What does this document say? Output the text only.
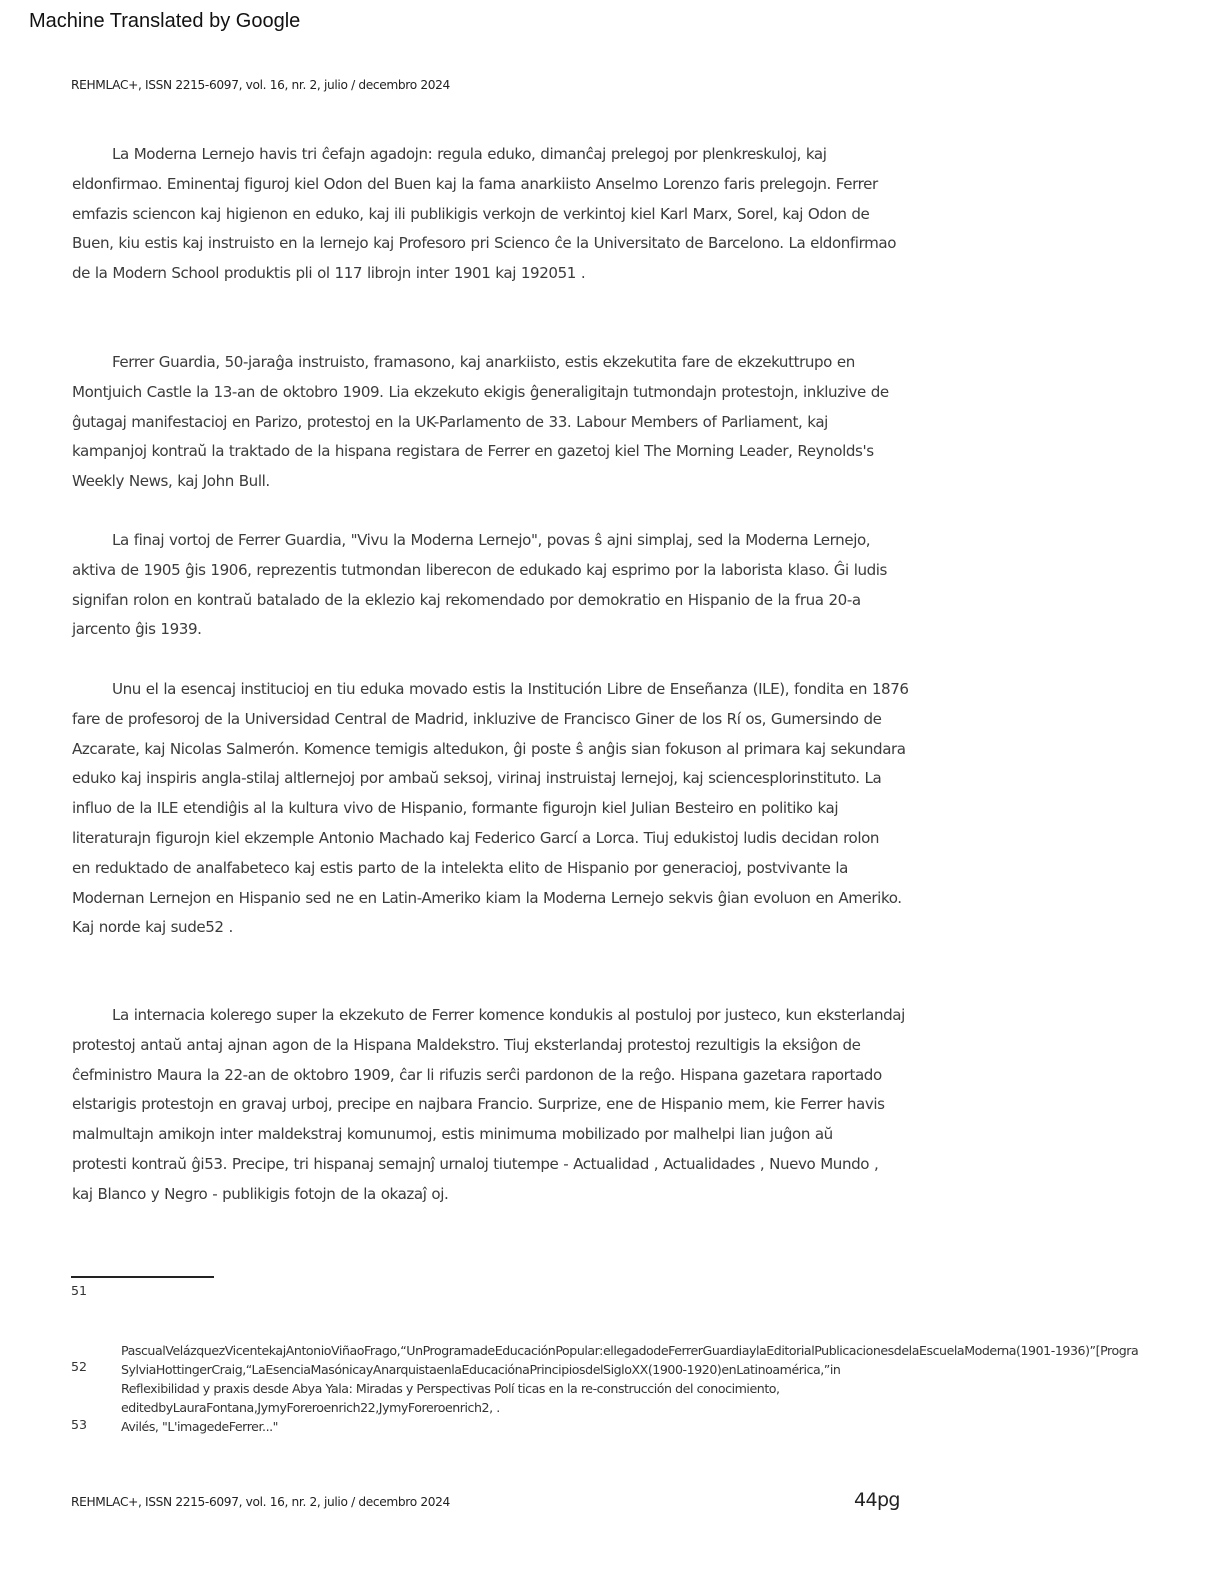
Machine Translated by Google
REHMLAC+, ISSN 2215-6097, vol. 16, nr. 2, julio / decembro 2024
La Moderna Lernejo havis tri ĉefajn agadojn: regula eduko, dimanĉaj prelegoj por plenkreskuloj, kaj
eldonfirmao. Eminentaj figuroj kiel Odon del Buen kaj la fama anarkiisto Anselmo Lorenzo faris prelegojn. Ferrer
emfazis sciencon kaj higienon en eduko, kaj ili publikigis verkojn de verkintoj kiel Karl Marx, Sorel, kaj Odon de
Buen, kiu estis kaj instruisto en la lernejo kaj Profesoro pri Scienco ĉe la Universitato de Barcelono. La eldonfirmao
de la Modern School produktis pli ol 117 librojn inter 1901 kaj 192051 .
Ferrer Guardia, 50-jaraĝa instruisto, framasono, kaj anarkiisto, estis ekzekutita fare de ekzekuttrupo en
Montjuich Castle la 13-an de oktobro 1909. Lia ekzekuto ekigis ĝeneraligitajn tutmondajn protestojn, inkluzive de
ĝutagaj manifestacioj en Parizo, protestoj en la UK-Parlamento de 33. Labour Members of Parliament, kaj
kampanjoj kontraŭ la traktado de la hispana registara de Ferrer en gazetoj kiel The Morning Leader, Reynolds's
Weekly News, kaj John Bull.
La finaj vortoj de Ferrer Guardia, "Vivu la Moderna Lernejo", povas ŝ ajni simplaj, sed la Moderna Lernejo,
aktiva de 1905 ĝis 1906, reprezentis tutmondan liberecon de edukado kaj esprimo por la laborista klaso. Ĝi ludis
signifan rolon en kontraŭ batalado de la eklezio kaj rekomendado por demokratio en Hispanio de la frua 20-a
jarcento ĝis 1939.
Unu el la esencaj institucioj en tiu eduka movado estis la Institución Libre de Enseñanza (ILE), fondita en 1876
fare de profesoroj de la Universidad Central de Madrid, inkluzive de Francisco Giner de los Rí os, Gumersindo de
Azcarate, kaj Nicolas Salmerón. Komence temigis altedukon, ĝi poste ŝ anĝis sian fokuson al primara kaj sekundara
eduko kaj inspiris angla-stilaj altlernejoj por ambaŭ seksoj, virinaj instruistaj lernejoj, kaj sciencesplorinstituto. La
influo de la ILE etendiĝis al la kultura vivo de Hispanio, formante figurojn kiel Julian Besteiro en politiko kaj
literaturajn figurojn kiel ekzemple Antonio Machado kaj Federico Garcí a Lorca. Tiuj edukistoj ludis decidan rolon
en reduktado de analfabeteco kaj estis parto de la intelekta elito de Hispanio por generacioj, postvivante la
Modernan Lernejon en Hispanio sed ne en Latin-Ameriko kiam la Moderna Lernejo sekvis ĝian evoluon en Ameriko.
Kaj norde kaj sude52 .
La internacia kolerego super la ekzekuto de Ferrer komence kondukis al postuloj por justeco, kun eksterlandaj
protestoj antaŭ antaj ajnan agon de la Hispana Maldekstro. Tiuj eksterlandaj protestoj rezultigis la eksiĝon de
ĉefministro Maura la 22-an de oktobro 1909, ĉar li rifuzis serĉi pardonon de la reĝo. Hispana gazetara raportado
elstarigis protestojn en gravaj urboj, precipe en najbara Francio. Surprize, ene de Hispanio mem, kie Ferrer havis
malmultajn amikojn inter maldekstraj komunumoj, estis minimuma mobilizado por malhelpi lian juĝon aŭ
protesti kontraŭ ĝi53. Precipe, tri hispanaj semajnĵ urnaloj tiutempe - Actualidad , Actualidades , Nuevo Mundo ,
kaj Blanco y Negro - publikigis fotojn de la okazaĵ oj.
51
52
53
PascualVelázquezVicentekajAntonioViñaoFrago,“UnProgramadeEducaciónPopular:ellegadodeFerrerGuardiaylaEditorialPublicacionesdelaEscuelaModerna(1901-1936)”[Progra
SylviaHottingerCraig,“LaEsenciaMasónicayAnarquistaenlaEducaciónaPrincipiosdelSigloXX(1900-1920)enLatinoamérica,”in
Reflexibilidad y praxis desde Abya Yala: Miradas y Perspectivas Polí ticas en la re-construcción del conocimiento,
editedbyLauraFontana,JymyForeroenrich22,JymyForeroenrich2, .
Avilés, "L'imagedeFerrer..."
REHMLAC+, ISSN 2215-6097, vol. 16, nr. 2, julio / decembro 2024	44pg
